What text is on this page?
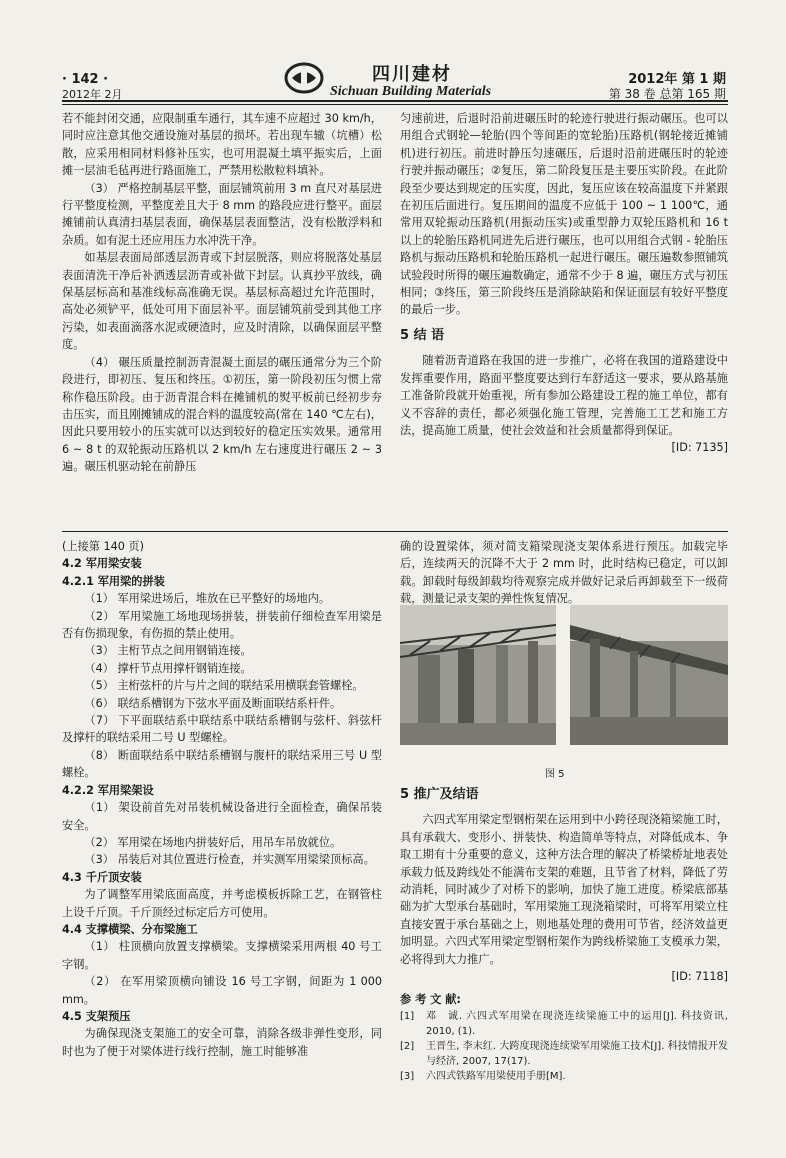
· 142 ·
2012年 2月
四川建材
Sichuan Building Materials
2012年 第 1 期
第 38 卷 总第 165 期

若不能封闭交通，应限制重车通行，其车速不应超过 30 km/h，同时应注意其他交通设施对基层的损坏。若出现车辙（坑槽）松散，应采用相同材料修补压实，也可用混凝土填平振实后，上面摊一层油毛毡再进行路面施工，严禁用松散粒料填补。

（3） 严格控制基层平整，面层铺筑前用 3 m 直尺对基层进行平整度检测，平整度差且大于 8 mm 的路段应进行整平。面层摊铺前认真清扫基层表面，确保基层表面整洁，没有松散浮料和杂质。如有泥土还应用压力水冲洗干净。

如基层表面局部透层沥青或下封层脱落，则应将脱落处基层表面清洗干净后补洒透层沥青或补做下封层。认真抄平放线，确保基层标高和基准线标高准确无误。基层标高超过允许范围时，高处必须铲平，低处可用下面层补平。面层铺筑前受到其他工序污染，如表面滴落水泥或硬渣时，应及时清除，以确保面层平整度。

（4） 碾压质量控制沥青混凝土面层的碾压通常分为三个阶段进行，即初压、复压和终压。①初压，第一阶段初压匀惯上常称作稳压阶段。由于沥青混合料在摊铺机的熨平板前已经初步夯击压实，而且刚摊铺成的混合料的温度较高(常在 140 ℃左右)，因此只要用较小的压实就可以达到较好的稳定压实效果。通常用 6 ~ 8 t 的双轮振动压路机以 2 km/h 左右速度进行碾压 2 ~ 3 遍。碾压机驱动轮在前静压

匀速前进，后退时沿前进碾压时的轮迹行驶进行振动碾压。也可以用组合式钢轮—轮胎(四个等间距的宽轮胎)压路机(钢轮接近摊铺机)进行初压。前进时静压匀速碾压，后退时沿前进碾压时的轮迹行驶并振动碾压；②复压，第二阶段复压是主要压实阶段。在此阶段至少要达到规定的压实度，因此，复压应该在较高温度下并紧跟在初压后面进行。复压期间的温度不应低于 100 ~ 1 100℃，通常用双轮振动压路机(用振动压实)或重型静力双轮压路机和 16 t 以上的轮胎压路机同进先后进行碾压，也可以用组合式钢 - 轮胎压路机与振动压路机和轮胎压路机一起进行碾压。碾压遍数参照铺筑试验段时所得的碾压遍数确定，通常不少于 8 遍，碾压方式与初压相同；③终压，第三阶段终压是消除缺陷和保证面层有较好平整度的最后一步。

5 结 语

随着沥青道路在我国的进一步推广，必将在我国的道路建设中发挥重要作用，路面平整度要达到行车舒适这一要求，要从路基施工准备阶段就开始重视，所有参加公路建设工程的施工单位，都有义不容辞的责任，都必须强化施工管理，完善施工工艺和施工方法，提高施工质量，使社会效益和社会质量都得到保证。

[ID: 7135]

(上接第 140 页)

4.2 军用梁安装

4.2.1 军用梁的拼装

（1） 军用梁进场后，堆放在已平整好的场地内。

（2） 军用梁施工场地现场拼装，拼装前仔细检查军用梁是否有伤损现象，有伤损的禁止使用。

（3） 主桁节点之间用钢销连接。

（4） 撑杆节点用撑杆钢销连接。

（5） 主桁弦杆的片与片之间的联结采用横联套管螺栓。

（6） 联结系槽钢为下弦水平面及断面联结系杆件。

（7） 下平面联结系中联结系中联结系槽钢与弦杆、斜弦杆及撑杆的联结采用二号 U 型螺栓。

（8） 断面联结系中联结系槽钢与腹杆的联结采用三号 U 型螺栓。

4.2.2 军用梁架设

（1） 架设前首先对吊装机械设备进行全面检查，确保吊装安全。

（2） 军用梁在场地内拼装好后，用吊车吊放就位。

（3） 吊装后对其位置进行检查，并实测军用梁梁顶标高。

4.3 千斤顶安装

为了调整军用梁底面高度，并考虑模板拆除工艺，在钢管柱上设千斤顶。千斤顶经过标定后方可使用。

4.4 支撑横梁、分布梁施工

（1） 柱顶横向放置支撑横梁。支撑横梁采用两根 40 号工字钢。

（2） 在军用梁顶横向铺设 16 号工字钢，间距为 1 000 mm。

4.5 支架预压

为确保现浇支架施工的安全可靠，消除各级非弹性变形，同时也为了便于对梁体进行线行控制，施工时能够准

确的设置梁体，须对简支箱梁现浇支架体系进行预压。加载完毕后，连续两天的沉降不大于 2 mm 时，此时结构已稳定，可以卸载。卸载时每级卸载均待观察完成并做好记录后再卸载至下一级荷载，测量记录支架的弹性恢复情况。

图 5
5 推广及结语

六四式军用梁定型钢桁架在运用到中小跨径现浇箱梁施工时，具有承载大、变形小、拼装快、构造简单等特点，对降低成本、争取工期有十分重要的意义，这种方法合理的解决了桥梁桥址地表处承载力低及跨线处不能满布支架的难题，且节省了材料，降低了劳动消耗，同时减少了对桥下的影响，加快了施工进度。桥梁底部基础为扩大型承台基础时，军用梁施工现浇箱梁时，可将军用梁立柱直接安置于承台基础之上，则地基处理的费用可节省，经济效益更加明显。六四式军用梁定型钢桁架作为跨线桥梁施工支模承力架，必将得到大力推广。

[ID: 7118]

参 考 文 献:

[1] 邓　诚. 六四式军用梁在现浇连续梁施工中的运用[J]. 科技资讯, 2010, (1).

[2] 王晋生, 李末红. 大跨度现浇连续梁军用梁施工技术[J]. 科技情报开发与经济, 2007, 17(17).

[3] 六四式铁路军用梁使用手册[M].
